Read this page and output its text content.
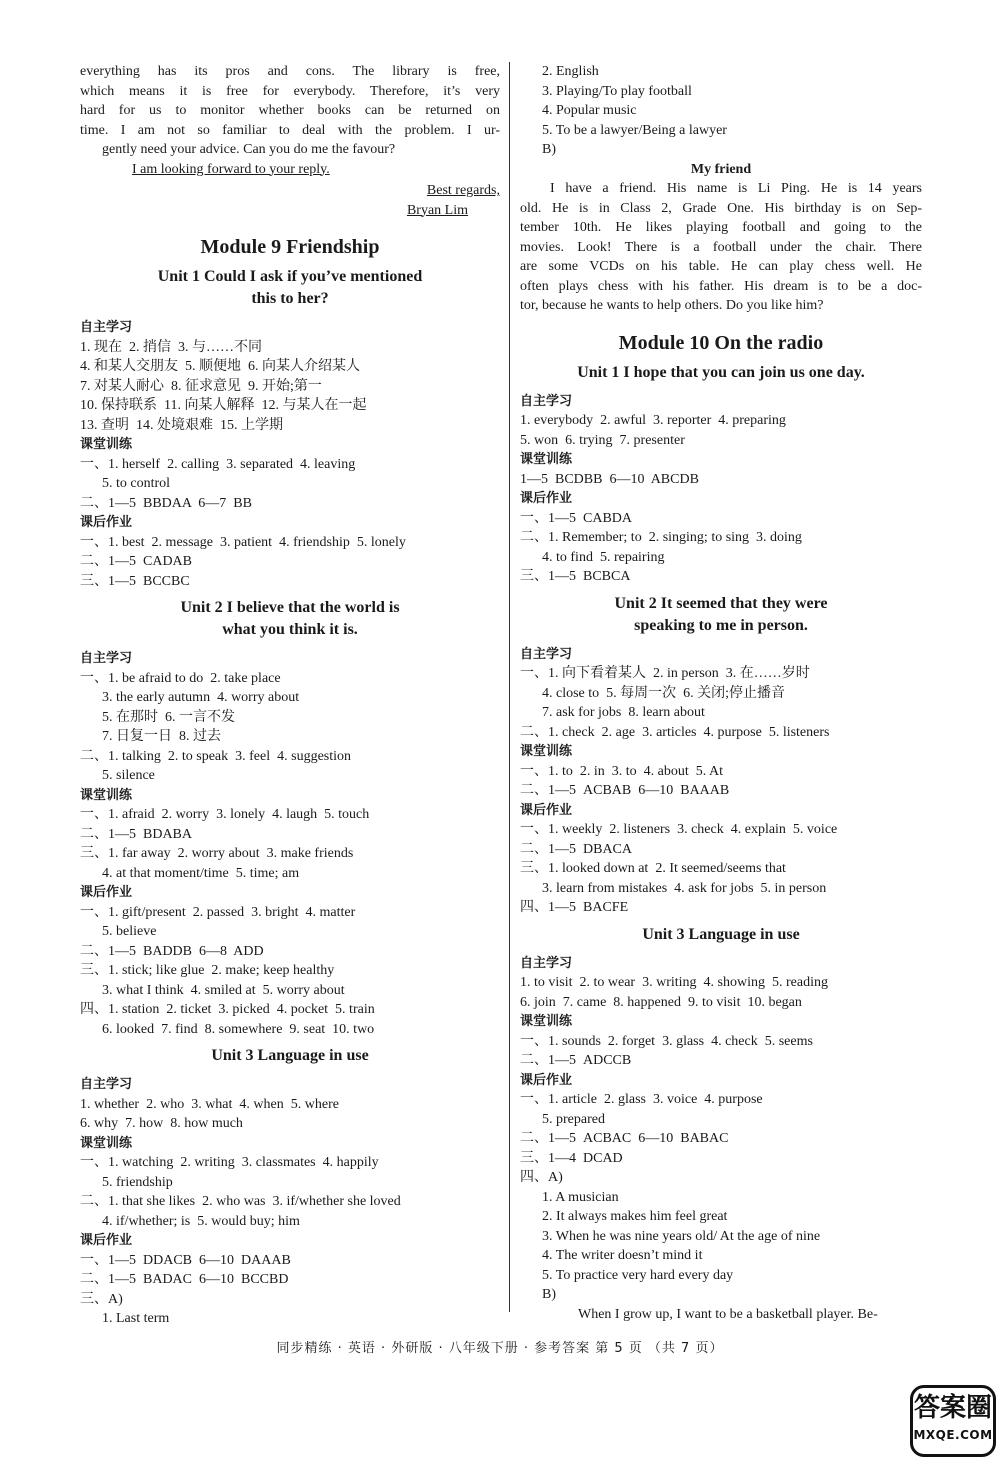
everything has its pros and cons. The library is free,
which means it is free for everybody. Therefore, it’s very
hard for us to monitor whether books can be returned on
time. I am not so familiar to deal with the problem. I ur-
gently need your advice. Can you do me the favour?
I am looking forward to your reply.
Best regards,
Bryan Lim
Module 9 Friendship
Unit 1 Could I ask if you’ve mentioned
this to her?
自主学习
1. 现在  2. 捎信  3. 与……不同
4. 和某人交朋友  5. 顺便地  6. 向某人介绍某人
7. 对某人耐心  8. 征求意见  9. 开始;第一
10. 保持联系  11. 向某人解释  12. 与某人在一起
13. 查明  14. 处境艰难  15. 上学期
课堂训练
一、1. herself  2. calling  3. separated  4. leaving
5. to control
二、1—5  BBDAA  6—7  BB
课后作业
一、1. best  2. message  3. patient  4. friendship  5. lonely
二、1—5  CADAB
三、1—5  BCCBC
Unit 2 I believe that the world is
what you think it is.
自主学习
一、1. be afraid to do  2. take place
3. the early autumn  4. worry about
5. 在那时  6. 一言不发
7. 日复一日  8. 过去
二、1. talking  2. to speak  3. feel  4. suggestion
5. silence
课堂训练
一、1. afraid  2. worry  3. lonely  4. laugh  5. touch
二、1—5  BDABA
三、1. far away  2. worry about  3. make friends
4. at that moment/time  5. time; am
课后作业
一、1. gift/present  2. passed  3. bright  4. matter
5. believe
二、1—5  BADDB  6—8  ADD
三、1. stick; like glue  2. make; keep healthy
3. what I think  4. smiled at  5. worry about
四、1. station  2. ticket  3. picked  4. pocket  5. train
6. looked  7. find  8. somewhere  9. seat  10. two
Unit 3 Language in use
自主学习
1. whether  2. who  3. what  4. when  5. where
6. why  7. how  8. how much
课堂训练
一、1. watching  2. writing  3. classmates  4. happily
5. friendship
二、1. that she likes  2. who was  3. if/whether she loved
4. if/whether; is  5. would buy; him
课后作业
一、1—5  DDACB  6—10  DAAAB
二、1—5  BADAC  6—10  BCCBD
三、A)
1. Last term
2. English
3. Playing/To play football
4. Popular music
5. To be a lawyer/Being a lawyer
B)
My friend
I have a friend. His name is Li Ping. He is 14 years
old. He is in Class 2, Grade One. His birthday is on Sep-
tember 10th. He likes playing football and going to the
movies. Look! There is a football under the chair. There
are some VCDs on his table. He can play chess well. He
often plays chess with his father. His dream is to be a doc-
tor, because he wants to help others. Do you like him?
Module 10 On the radio
Unit 1 I hope that you can join us one day.
自主学习
1. everybody  2. awful  3. reporter  4. preparing
5. won  6. trying  7. presenter
课堂训练
1—5  BCDBB  6—10  ABCDB
课后作业
一、1—5  CABDA
二、1. Remember; to  2. singing; to sing  3. doing
4. to find  5. repairing
三、1—5  BCBCA
Unit 2 It seemed that they were
speaking to me in person.
自主学习
一、1. 向下看着某人  2. in person  3. 在……岁时
4. close to  5. 每周一次  6. 关闭;停止播音
7. ask for jobs  8. learn about
二、1. check  2. age  3. articles  4. purpose  5. listeners
课堂训练
一、1. to  2. in  3. to  4. about  5. At
二、1—5  ACBAB  6—10  BAAAB
课后作业
一、1. weekly  2. listeners  3. check  4. explain  5. voice
二、1—5  DBACA
三、1. looked down at  2. It seemed/seems that
3. learn from mistakes  4. ask for jobs  5. in person
四、1—5  BACFE
Unit 3 Language in use
自主学习
1. to visit  2. to wear  3. writing  4. showing  5. reading
6. join  7. came  8. happened  9. to visit  10. began
课堂训练
一、1. sounds  2. forget  3. glass  4. check  5. seems
二、1—5  ADCCB
课后作业
一、1. article  2. glass  3. voice  4. purpose
5. prepared
二、1—5  ACBAC  6—10  BABAC
三、1—4  DCAD
四、A)
1. A musician
2. It always makes him feel great
3. When he was nine years old/ At the age of nine
4. The writer doesn’t mind it
5. To practice very hard every day
B)
When I grow up, I want to be a basketball player. Be-
同步精练 · 英语 · 外研版 · 八年级下册 · 参考答案 第 5 页 （共 7 页）
答案圈
MXQE.COM
